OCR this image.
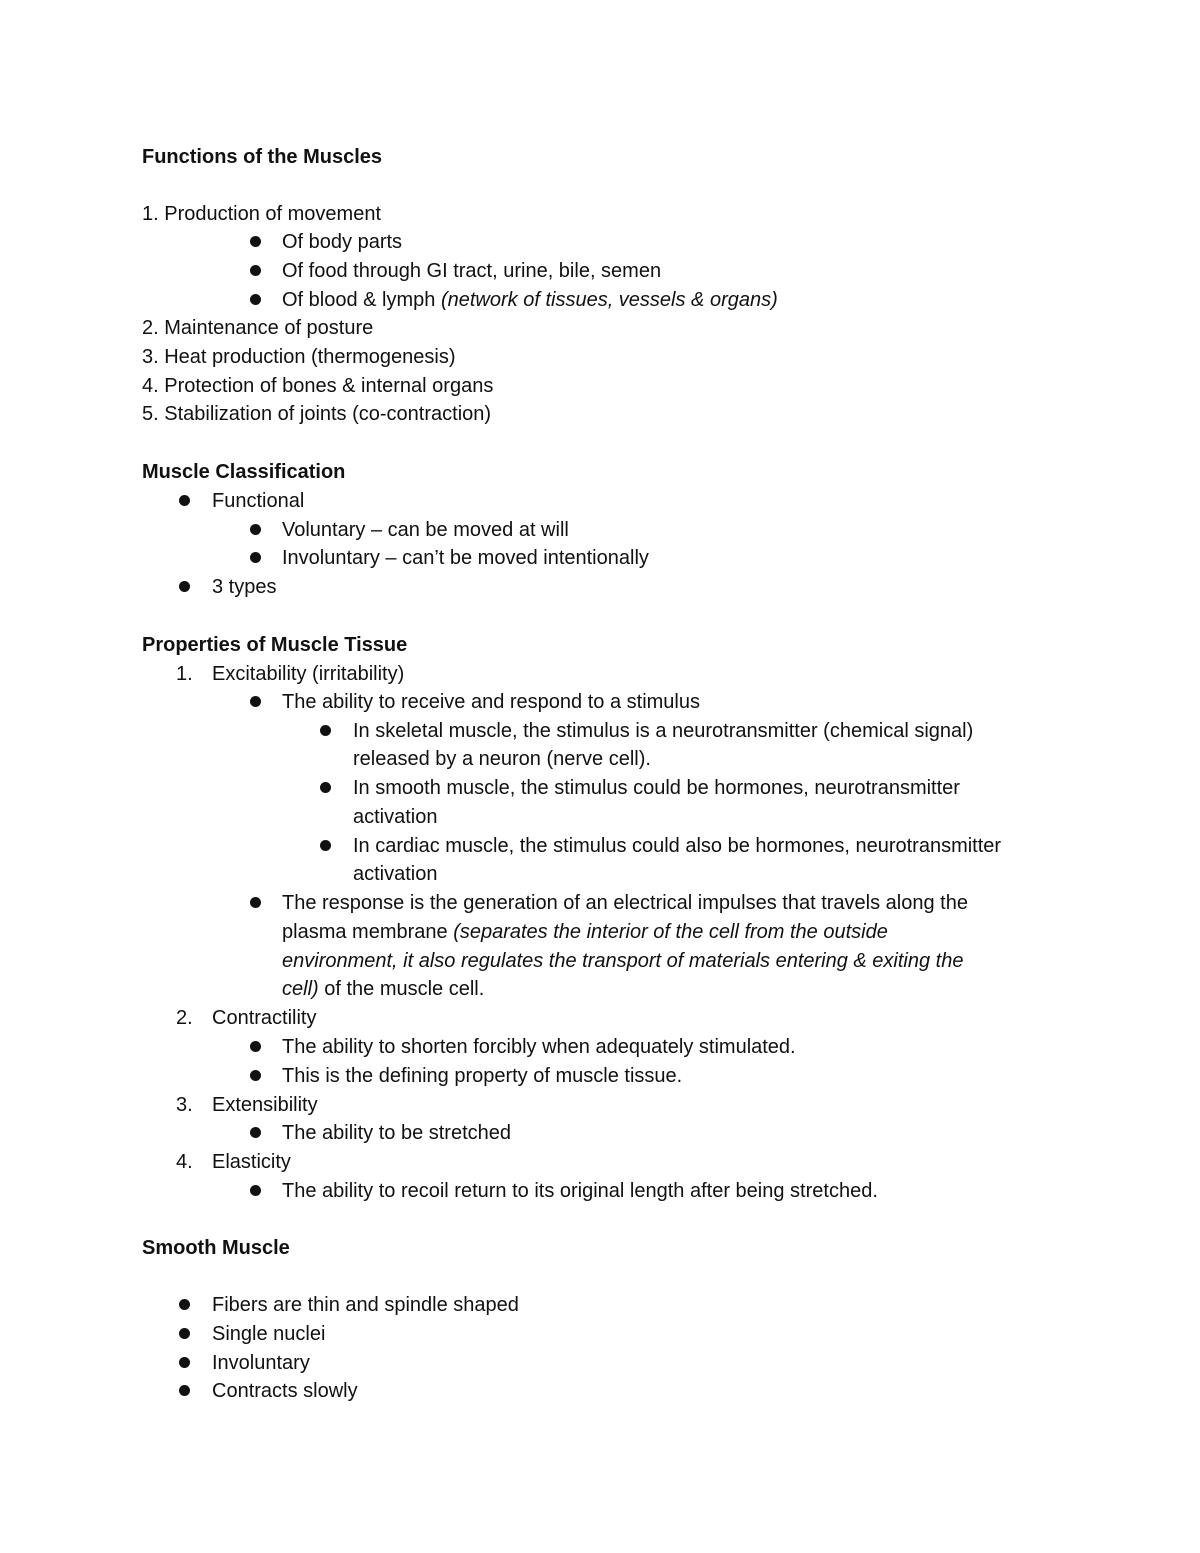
Functions of the Muscles
1. Production of movement
Of body parts
Of food through GI tract, urine, bile, semen
Of blood & lymph (network of tissues, vessels & organs)
2. Maintenance of posture
3. Heat production (thermogenesis)
4. Protection of bones & internal organs
5. Stabilization of joints (co-contraction)
Muscle Classification
Functional
Voluntary – can be moved at will
Involuntary – can’t be moved intentionally
3 types
Properties of Muscle Tissue
1. Excitability (irritability)
The ability to receive and respond to a stimulus
In skeletal muscle, the stimulus is a neurotransmitter (chemical signal)
released by a neuron (nerve cell).
In smooth muscle, the stimulus could be hormones, neurotransmitter
activation
In cardiac muscle, the stimulus could also be hormones, neurotransmitter
activation
The response is the generation of an electrical impulses that travels along the
plasma membrane (separates the interior of the cell from the outside
environment, it also regulates the transport of materials entering & exiting the
cell) of the muscle cell.
2. Contractility
The ability to shorten forcibly when adequately stimulated.
This is the defining property of muscle tissue.
3. Extensibility
The ability to be stretched
4. Elasticity
The ability to recoil return to its original length after being stretched.
Smooth Muscle
Fibers are thin and spindle shaped
Single nuclei
Involuntary
Contracts slowly
